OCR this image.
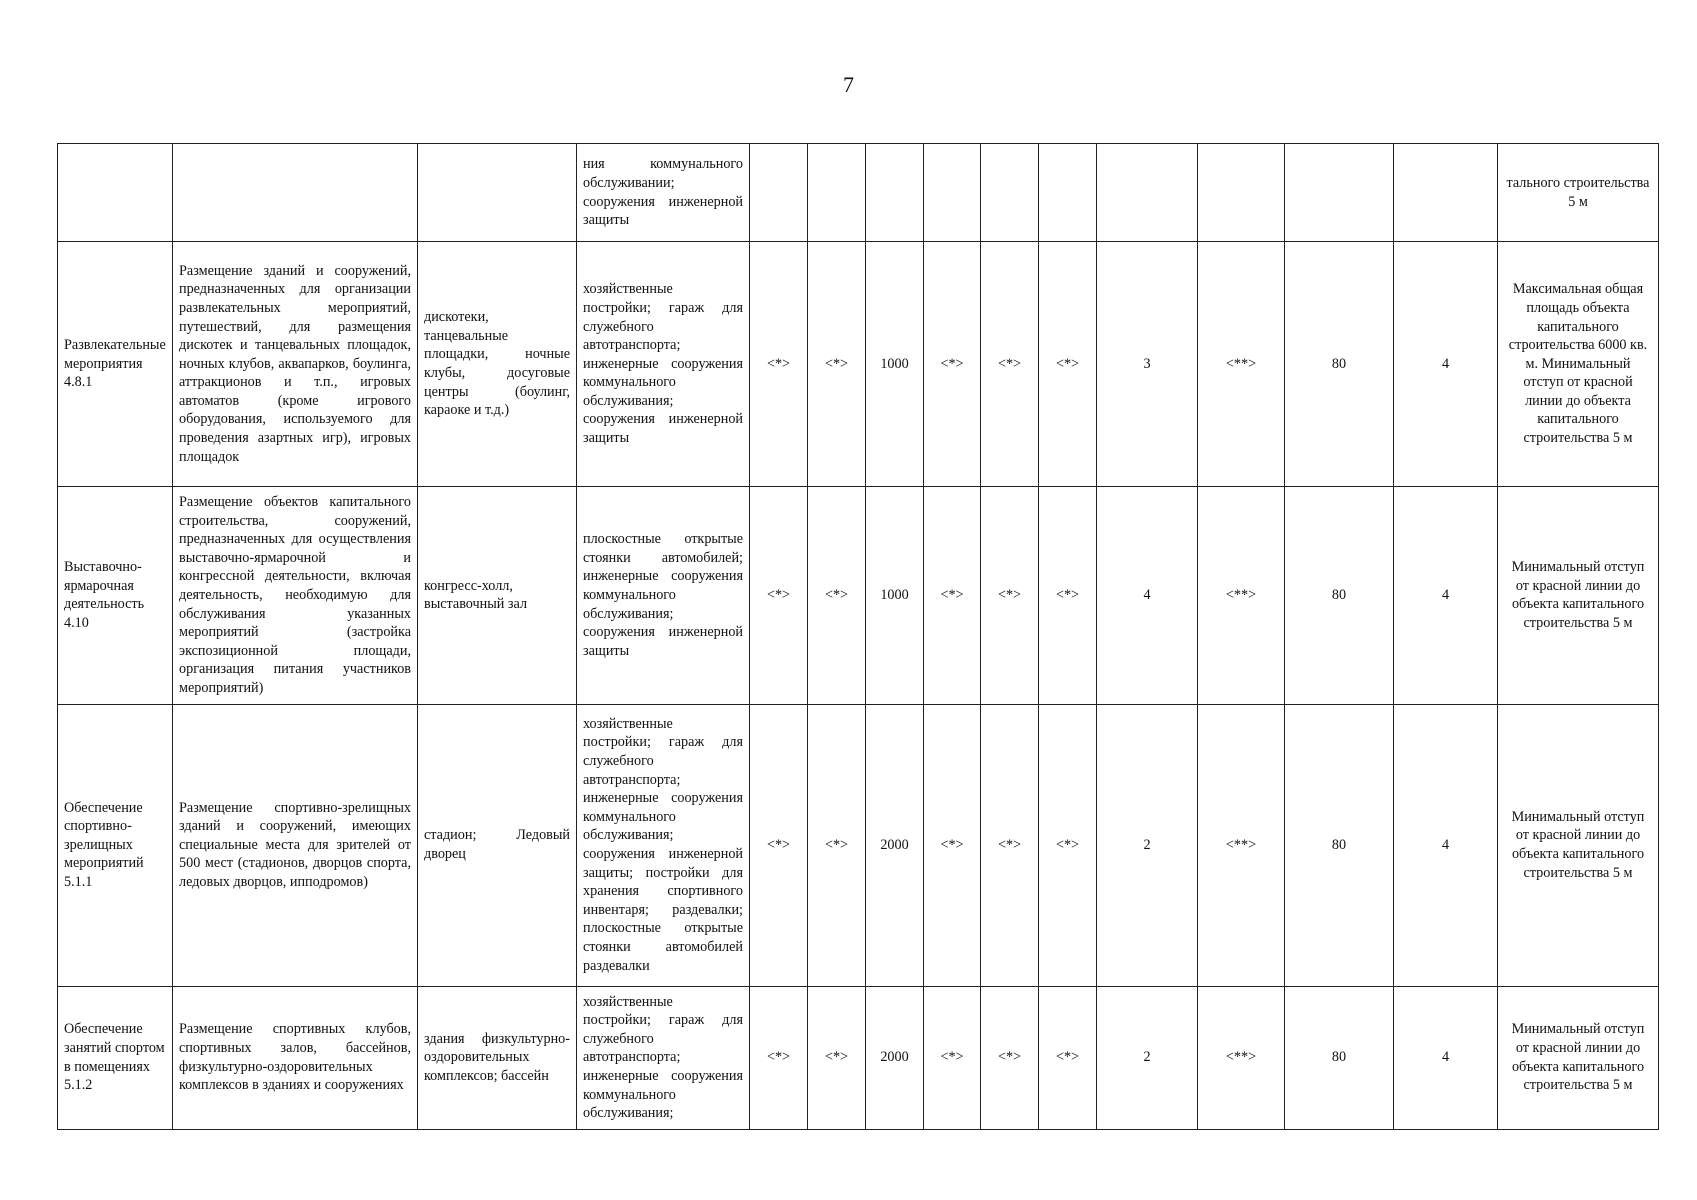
7
			ния коммунального обслуживании; сооружения инженерной защиты											тального строительства 5 м
Развлекательные мероприятия 4.8.1	Размещение зданий и сооружений, предназначенных для организации развлекательных мероприятий, путешествий, для размещения дискотек и танцевальных площадок, ночных клубов, аквапарков, боулинга, аттракционов и т.п., игровых автоматов (кроме игрового оборудования, используемого для проведения азартных игр), игровых площадок	дискотеки, танцевальные площадки, ночные клубы, досуговые центры (боулинг, караоке и т.д.)	хозяйственные постройки; гараж для служебного автотранспорта; инженерные сооружения коммунального обслуживания; сооружения инженерной защиты	<*>	<*>	1000	<*>	<*>	<*>	3	<**>	80	4	Максимальная общая площадь объекта капитального строительства 6000 кв. м. Минимальный отступ от красной линии до объекта капитального строительства 5 м
Выставочно-ярмарочная деятельность 4.10	Размещение объектов капитального строительства, сооружений, предназначенных для осуществления выставочно-ярмарочной и конгрессной деятельности, включая деятельность, необходимую для обслуживания указанных мероприятий (застройка экспозиционной площади, организация питания участников мероприятий)	конгресс-холл, выставочный зал	плоскостные открытые стоянки автомобилей; инженерные сооружения коммунального обслуживания; сооружения инженерной защиты	<*>	<*>	1000	<*>	<*>	<*>	4	<**>	80	4	Минимальный отступ от красной линии до объекта капитального строительства 5 м
Обеспечение спортивно-зрелищных мероприятий 5.1.1	Размещение спортивно-зрелищных зданий и сооружений, имеющих специальные места для зрителей от 500 мест (стадионов, дворцов спорта, ледовых дворцов, ипподромов)	стадион; Ледовый дворец	хозяйственные постройки; гараж для служебного автотранспорта; инженерные сооружения коммунального обслуживания; сооружения инженерной защиты; постройки для хранения спортивного инвентаря; раздевалки; плоскостные открытые стоянки автомобилей раздевалки	<*>	<*>	2000	<*>	<*>	<*>	2	<**>	80	4	Минимальный отступ от красной линии до объекта капитального строительства 5 м
Обеспечение занятий спортом в помещениях 5.1.2	Размещение спортивных клубов, спортивных залов, бассейнов, физкультурно-оздоровительных комплексов в зданиях и сооружениях	здания физкультурно-оздоровительных комплексов; бассейн	хозяйственные постройки; гараж для служебного автотранспорта; инженерные сооружения коммунального обслуживания;	<*>	<*>	2000	<*>	<*>	<*>	2	<**>	80	4	Минимальный отступ от красной линии до объекта капитального строительства 5 м
